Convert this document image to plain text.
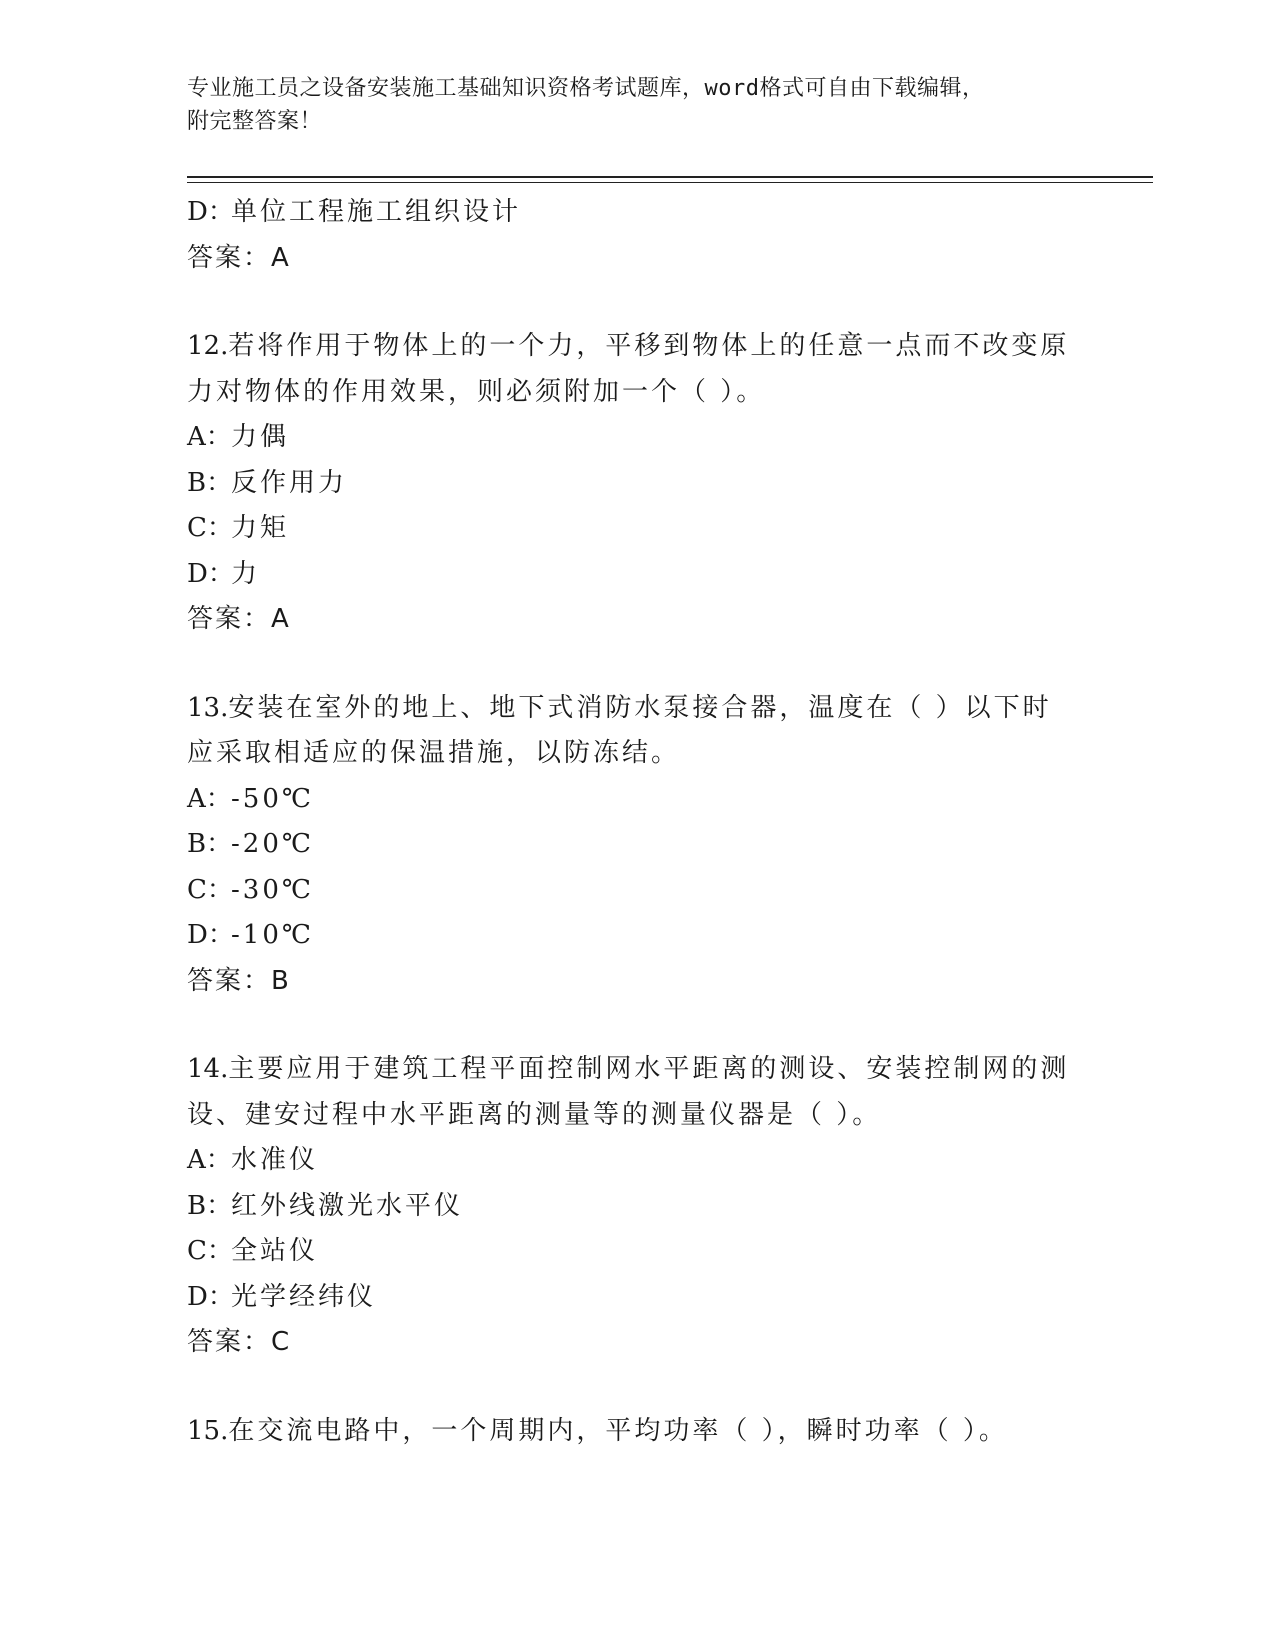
专业施工员之设备安装施工基础知识资格考试题库，word格式可自由下载编辑，
附完整答案！
D：单位工程施工组织设计
答案：A
12.若将作用于物体上的一个力，平移到物体上的任意一点而不改变原
力对物体的作用效果，则必须附加一个（ ）。
A：力偶
B：反作用力
C：力矩
D：力
答案：A
13.安装在室外的地上、地下式消防水泵接合器，温度在（ ）以下时
应采取相适应的保温措施，以防冻结。
A：-50℃
B：-20℃
C：-30℃
D：-10℃
答案：B
14.主要应用于建筑工程平面控制网水平距离的测设、安装控制网的测
设、建安过程中水平距离的测量等的测量仪器是（ ）。
A：水准仪
B：红外线激光水平仪
C：全站仪
D：光学经纬仪
答案：C
15.在交流电路中，一个周期内，平均功率（ ），瞬时功率（ ）。
